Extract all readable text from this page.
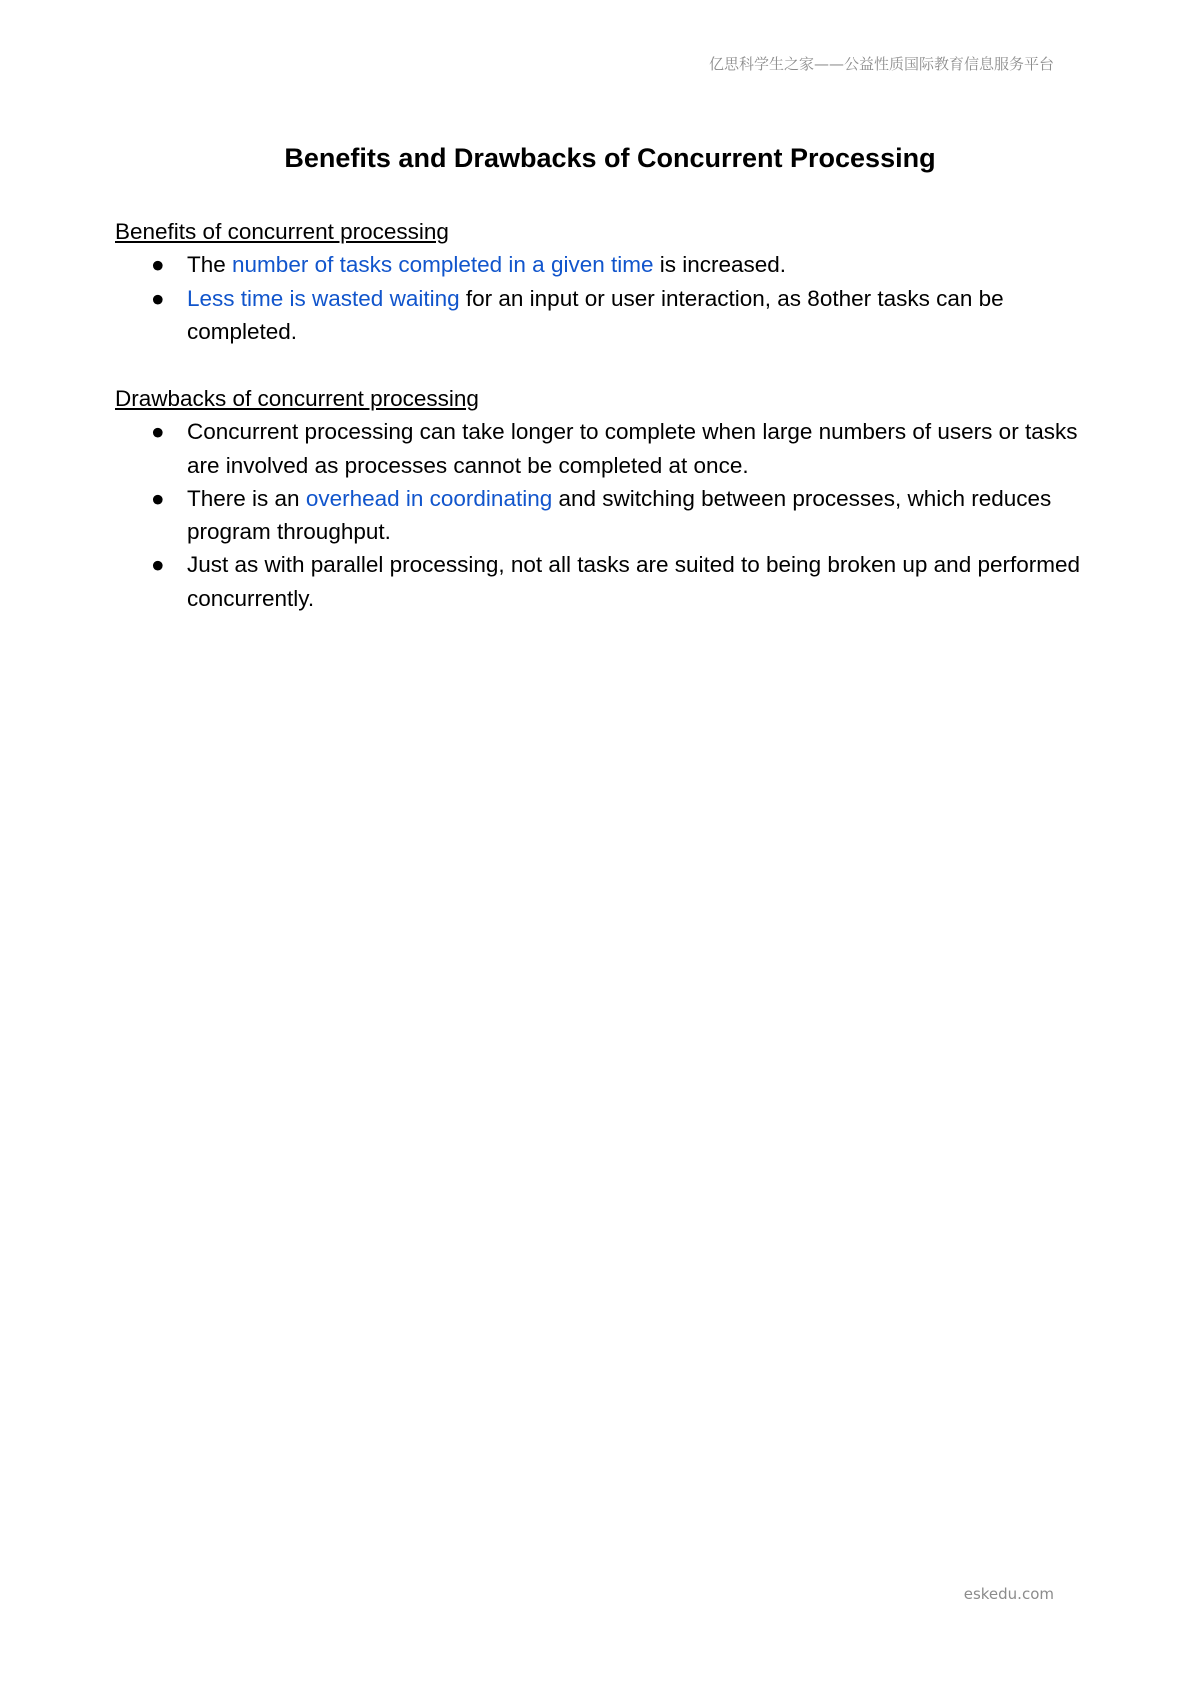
亿思科学生之家——公益性质国际教育信息服务平台
Benefits and Drawbacks of Concurrent Processing
Benefits of concurrent processing
● The number of tasks completed in a given time is increased.
● Less time is wasted waiting for an input or user interaction, as 8other tasks can be completed.
Drawbacks of concurrent processing
● Concurrent processing can take longer to complete when large numbers of users or tasks are involved as processes cannot be completed at once.
● There is an overhead in coordinating and switching between processes, which reduces program throughput.
● Just as with parallel processing, not all tasks are suited to being broken up and performed concurrently.
eskedu.com
